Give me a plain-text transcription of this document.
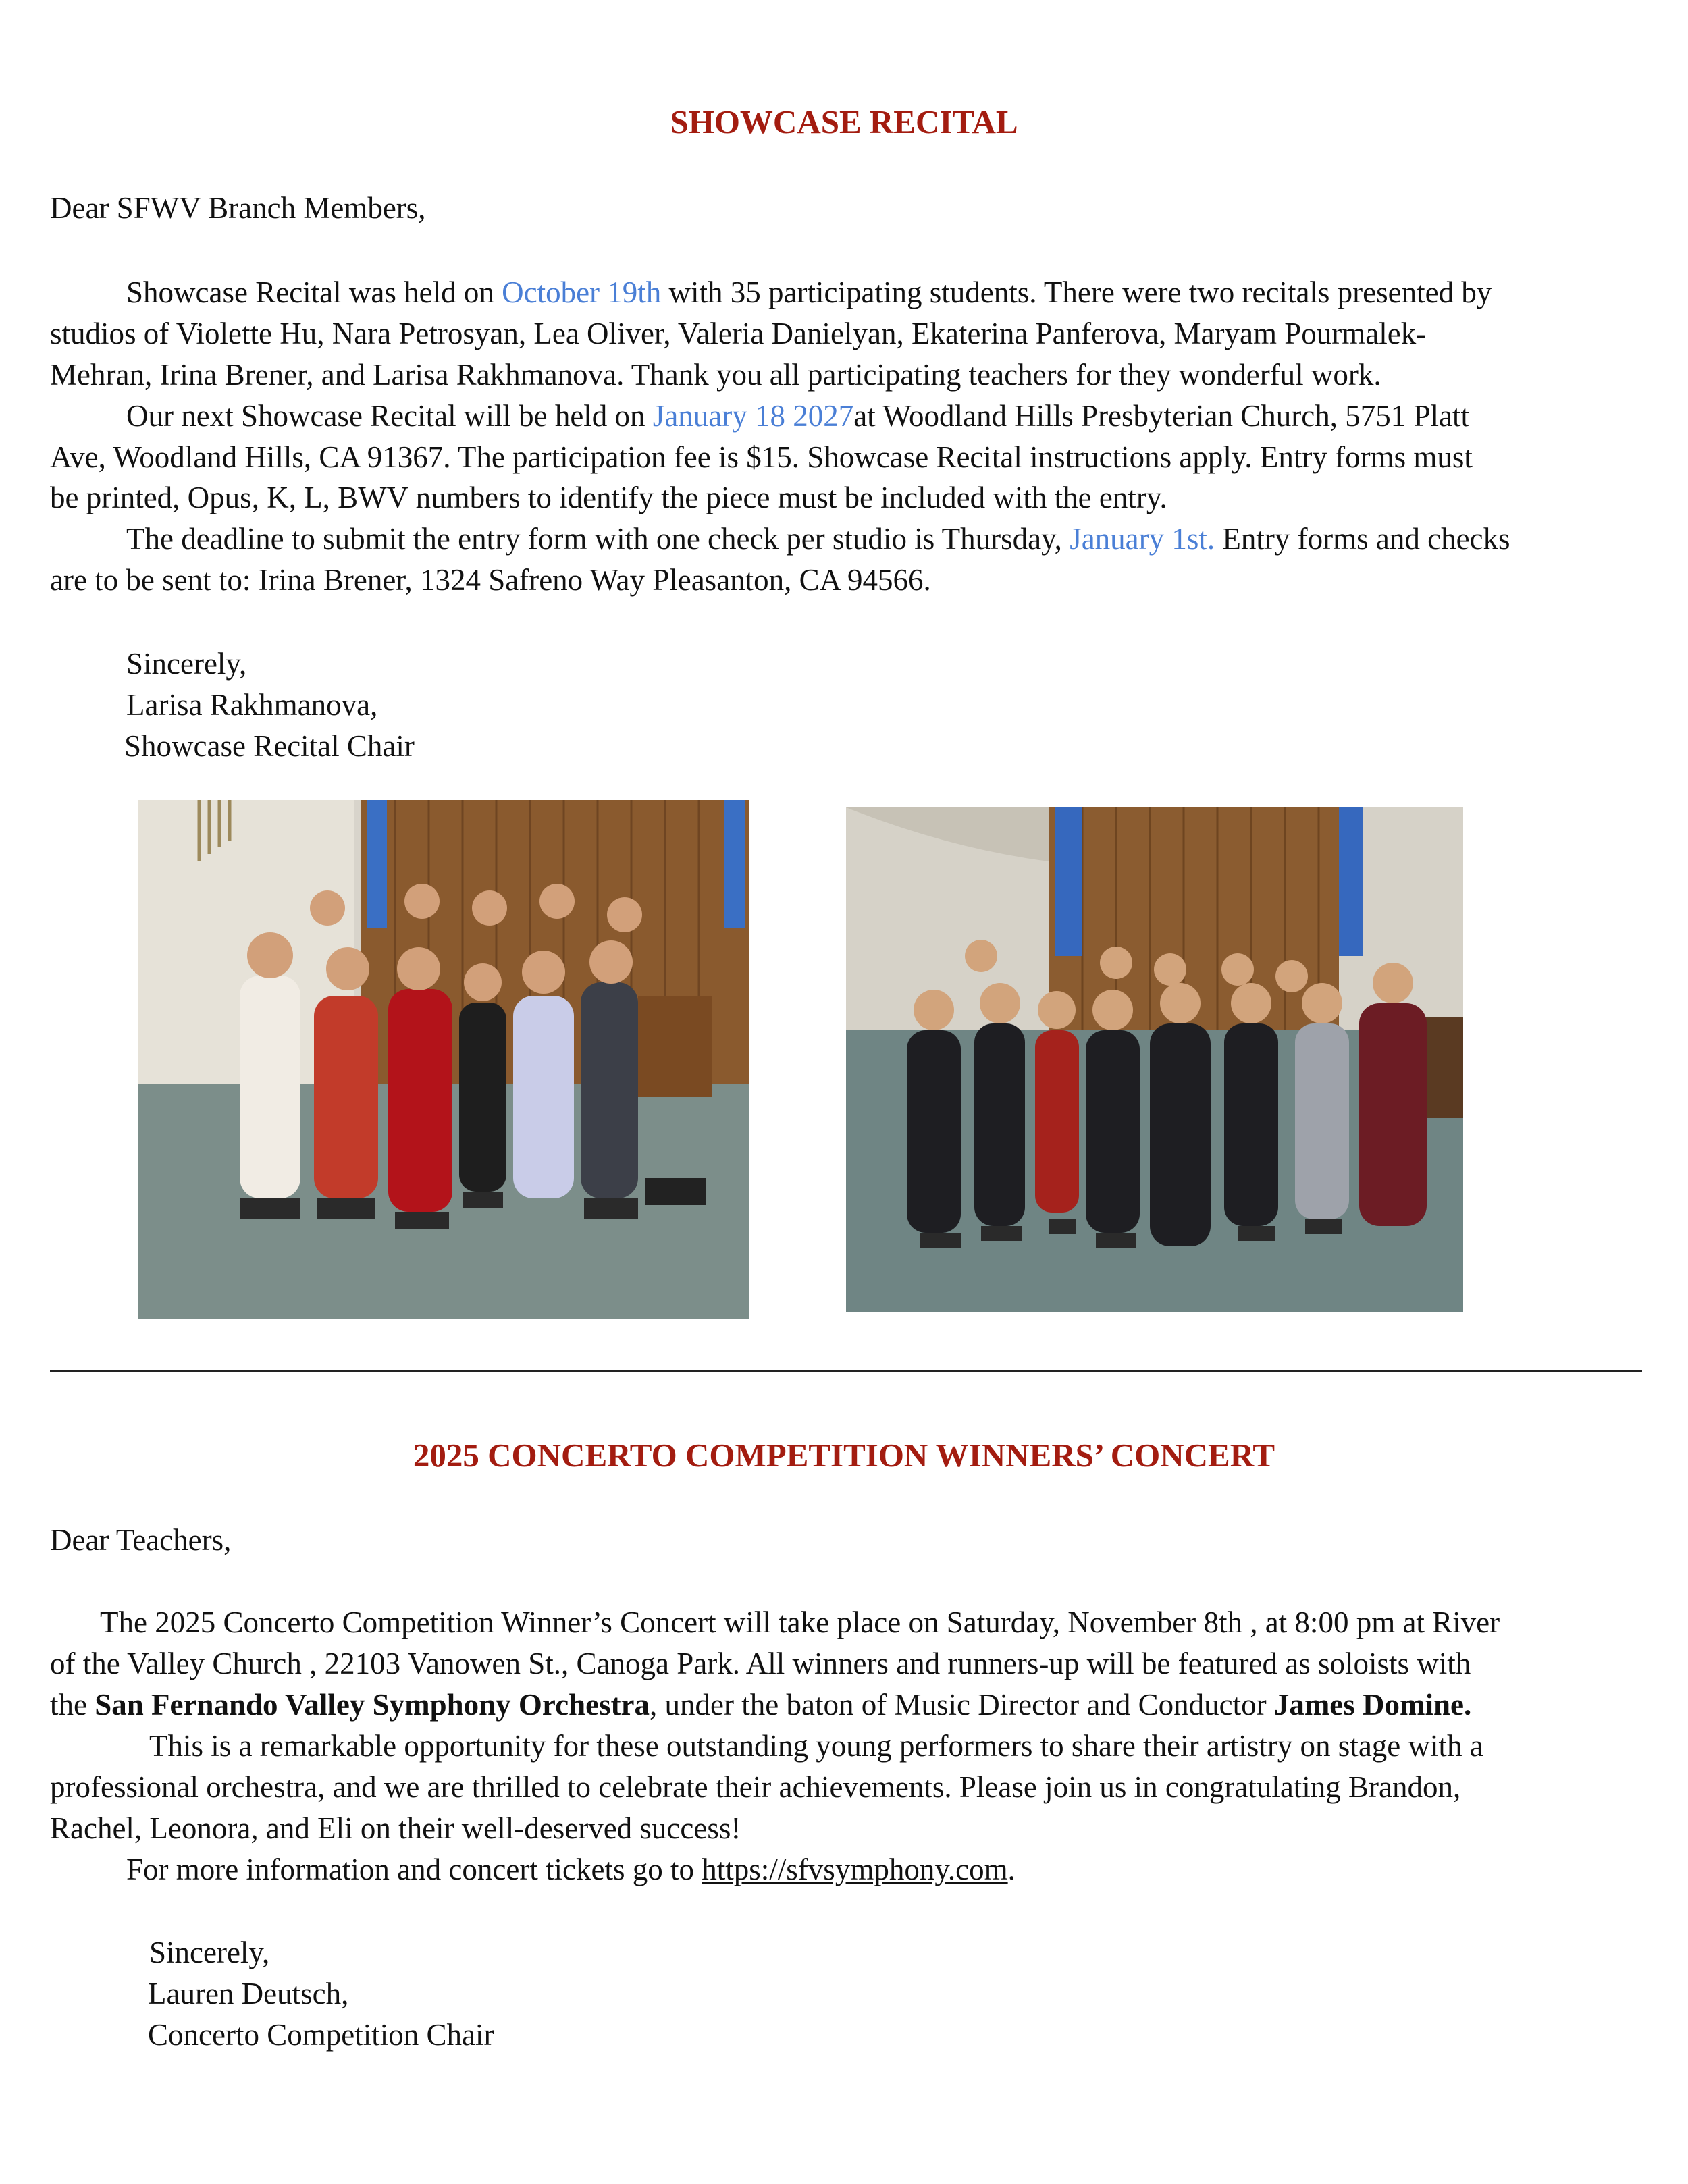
SHOWCASE RECITAL
Dear SFWV Branch Members,
Showcase Recital was held on October 19th with 35 participating students. There were two recitals presented by
studios of Violette Hu, Nara Petrosyan, Lea Oliver, Valeria Danielyan, Ekaterina Panferova, Maryam Pourmalek-
Mehran, Irina Brener, and Larisa Rakhmanova. Thank you all participating teachers for they wonderful work.
Our next Showcase Recital will be held on January 18 2027at Woodland Hills Presbyterian Church, 5751 Platt
Ave, Woodland Hills, CA 91367. The participation fee is $15. Showcase Recital instructions apply. Entry forms must
be printed, Opus, K, L, BWV numbers to identify the piece must be included with the entry.
The deadline to submit the entry form with one check per studio is Thursday, January 1st. Entry forms and checks
are to be sent to: Irina Brener, 1324 Safreno Way Pleasanton, CA 94566.
Sincerely,
Larisa Rakhmanova,
Showcase Recital Chair
2025 CONCERTO COMPETITION WINNERS’ CONCERT
Dear Teachers,
The 2025 Concerto Competition Winner’s Concert will take place on Saturday, November 8th , at 8:00 pm at River
of the Valley Church , 22103 Vanowen St., Canoga Park. All winners and runners-up will be featured as soloists with
the San Fernando Valley Symphony Orchestra, under the baton of Music Director and Conductor James Domine.
This is a remarkable opportunity for these outstanding young performers to share their artistry on stage with a
professional orchestra, and we are thrilled to celebrate their achievements. Please join us in congratulating Brandon,
Rachel, Leonora, and Eli on their well-deserved success!
For more information and concert tickets go to https://sfvsymphony.com.
Sincerely,
Lauren Deutsch,
Concerto Competition Chair
